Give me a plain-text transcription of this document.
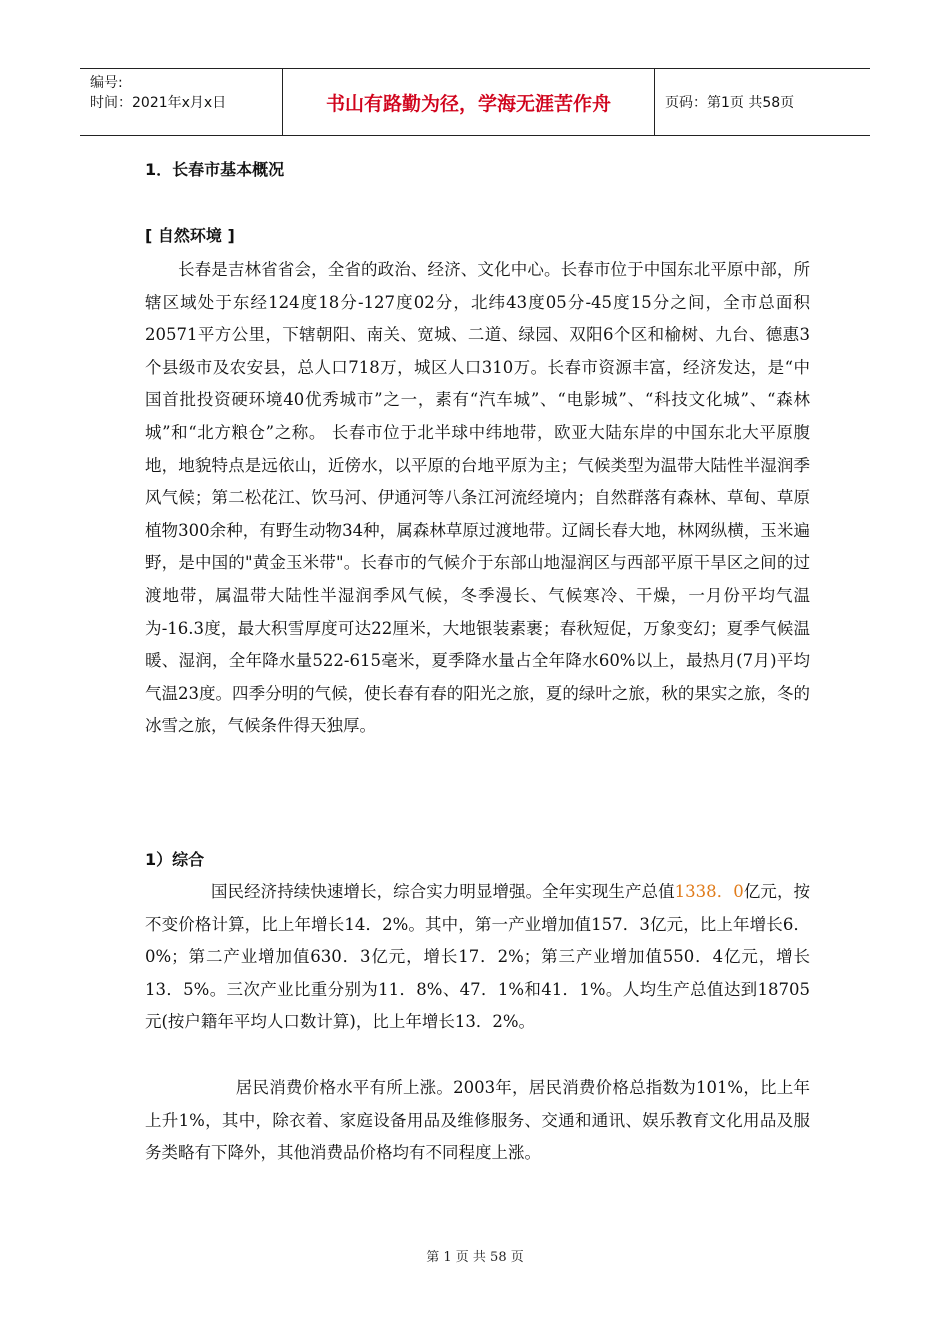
编号:
时间：2021年x月x日	书山有路勤为径，学海无涯苦作舟	页码：第1页 共58页
1．长春市基本概况
[ 自然环境 ]

长春是吉林省省会，全省的政治、经济、文化中心。长春市位于中国东北平原中部，所辖区域处于东经124度18分-127度02分，北纬43度05分-45度15分之间，全市总面积20571平方公里，下辖朝阳、南关、宽城、二道、绿园、双阳6个区和榆树、九台、德惠3个县级市及农安县，总人口718万，城区人口310万。长春市资源丰富，经济发达，是“中国首批投资硬环境40优秀城市”之一，素有“汽车城”、“电影城”、“科技文化城”、“森林城”和“北方粮仓”之称。 长春市位于北半球中纬地带，欧亚大陆东岸的中国东北大平原腹地，地貌特点是远依山，近傍水，以平原的台地平原为主；气候类型为温带大陆性半湿润季风气候；第二松花江、饮马河、伊通河等八条江河流经境内；自然群落有森林、草甸、草原植物300余种，有野生动物34种，属森林草原过渡地带。辽阔长春大地，林网纵横，玉米遍野，是中国的"黄金玉米带"。长春市的气候介于东部山地湿润区与西部平原干旱区之间的过渡地带，属温带大陆性半湿润季风气候，冬季漫长、气候寒冷、干燥，一月份平均气温为-16.3度，最大积雪厚度可达22厘米，大地银装素裹；春秋短促，万象变幻；夏季气候温暖、湿润，全年降水量522-615毫米，夏季降水量占全年降水60%以上，最热月(7月)平均气温23度。四季分明的气候，使长春有春的阳光之旅，夏的绿叶之旅，秋的果实之旅，冬的冰雪之旅，气候条件得天独厚。

1）综合

国民经济持续快速增长，综合实力明显增强。全年实现生产总值1338．0亿元，按不变价格计算，比上年增长14．2%。其中，第一产业增加值157．3亿元，比上年增长6．0%；第二产业增加值630．3亿元，增长17．2%；第三产业增加值550．4亿元，增长13．5%。三次产业比重分别为11．8%、47．1%和41．1%。人均生产总值达到18705元(按户籍年平均人口数计算)，比上年增长13．2%。

居民消费价格水平有所上涨。2003年，居民消费价格总指数为101%，比上年上升1%，其中，除衣着、家庭设备用品及维修服务、交通和通讯、娱乐教育文化用品及服务类略有下降外，其他消费品价格均有不同程度上涨。

第 1 页 共 58 页
